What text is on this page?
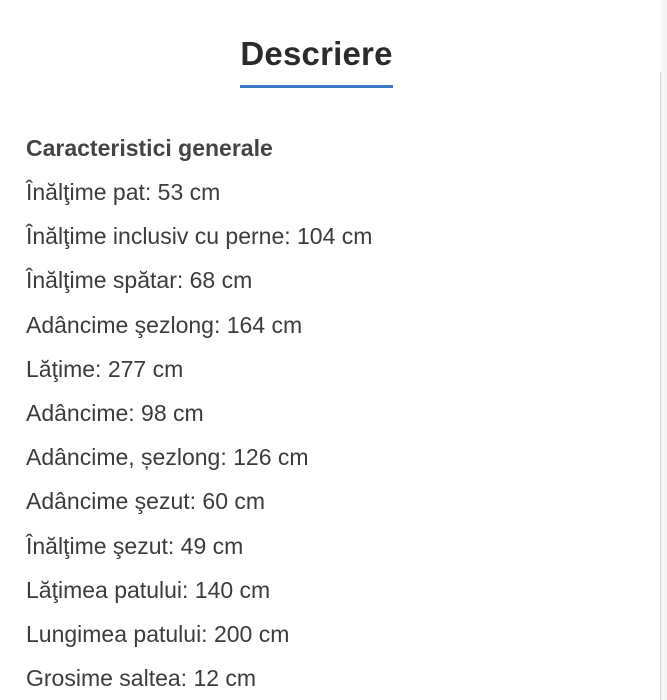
Descriere
Caracteristici generale
Înălţime pat: 53 cm
Înălţime inclusiv cu perne: 104 cm
Înălţime spătar: 68 cm
Adâncime şezlong: 164 cm
Lăţime: 277 cm
Adâncime: 98 cm
Adâncime, șezlong: 126 cm
Adâncime şezut: 60 cm
Înălţime şezut: 49 cm
Lăţimea patului: 140 cm
Lungimea patului: 200 cm
Grosime saltea: 12 cm
